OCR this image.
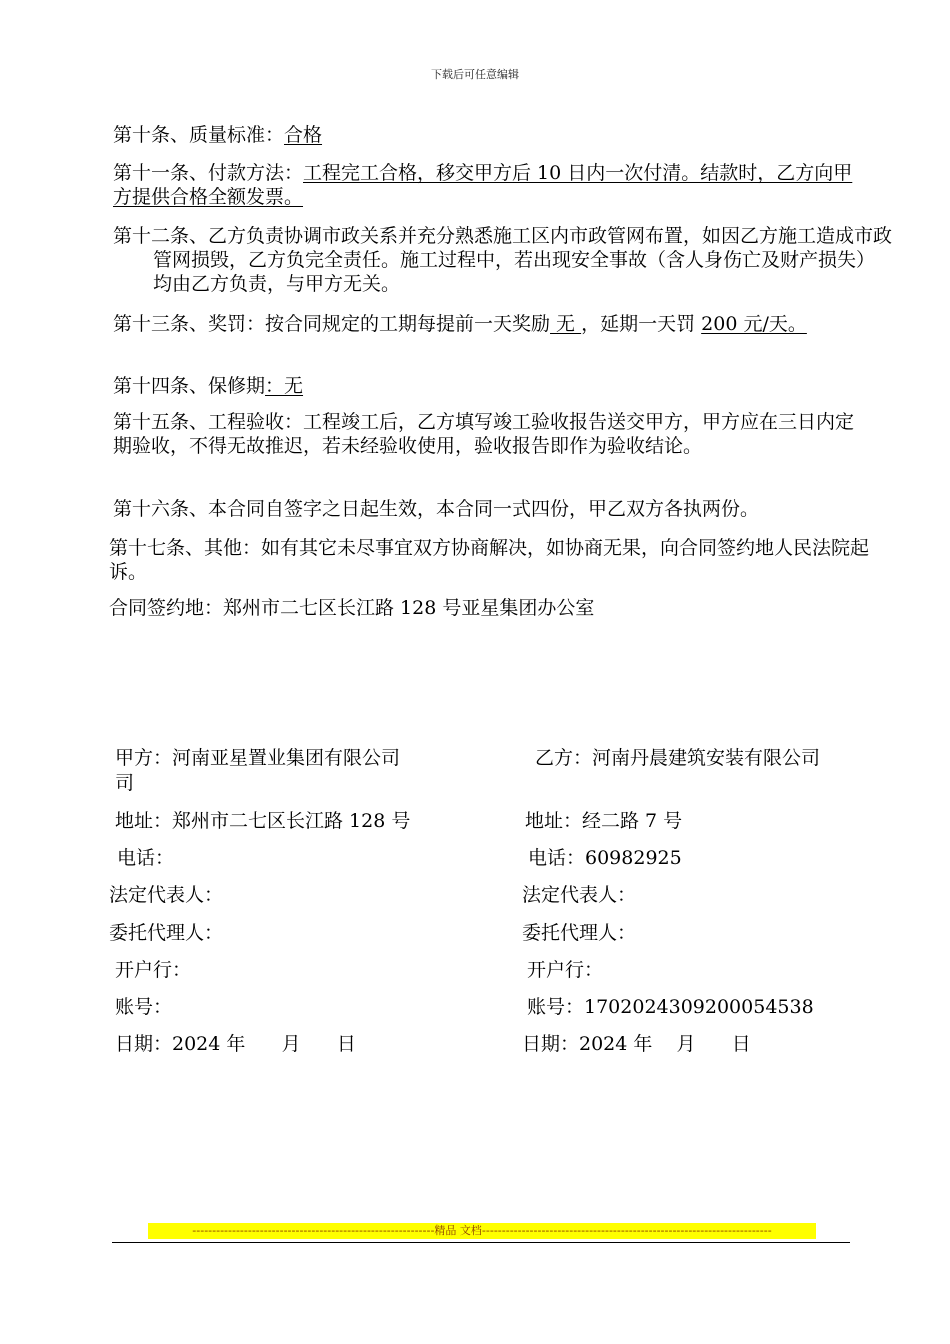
下载后可任意编辑

第十条、质量标准：合格

第十一条、付款方法：工程完工合格，移交甲方后 10 日内一次付清。结款时，乙方向甲方提供合格全额发票。

第十二条、乙方负责协调市政关系并充分熟悉施工区内市政管网布置，如因乙方施工造成市政管网损毁，乙方负完全责任。施工过程中，若出现安全事故（含人身伤亡及财产损失）均由乙方负责，与甲方无关。

第十三条、奖罚：按合同规定的工期每提前一天奖励 无 ，延期一天罚 200 元/天。

第十四条、保修期：无

第十五条、工程验收：工程竣工后，乙方填写竣工验收报告送交甲方，甲方应在三日内定期验收，不得无故推迟，若未经验收使用，验收报告即作为验收结论。

第十六条、本合同自签字之日起生效，本合同一式四份，甲乙双方各执两份。

第十七条、其他：如有其它未尽事宜双方协商解决，如协商无果，向合同签约地人民法院起诉。

合同签约地：郑州市二七区长江路 128 号亚星集团办公室

甲方：河南亚星置业集团有限公司
司
地址：郑州市二七区长江路 128 号
电话：
法定代表人：
委托代理人：
开户行：
账号：
日期：2024 年      月      日
乙方：河南丹晨建筑安装有限公司
地址：经二路 7 号
电话：60982925
法定代表人：
委托代理人：
开户行：
账号：1702024309200054538
日期：2024 年    月      日
-------------------------------------------------------------精品 文档-------------------------------------------------------------------------
